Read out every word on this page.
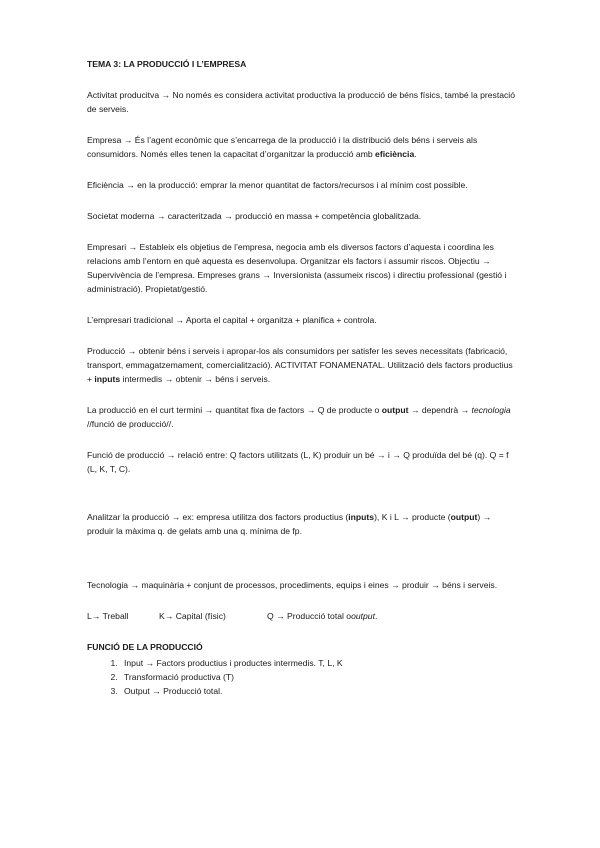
TEMA 3: LA PRODUCCIÓ I L’EMPRESA

Activitat producitva → No només es considera activitat productiva la producció de béns físics, també la prestació de serveis.

Empresa → És l’agent econòmic que s’encarrega de la producció i la distribució dels béns i serveis als consumidors. Només elles tenen la capacitat d’organitzar la producció amb eficiència.

Eficiència → en la producció: emprar la menor quantitat de factors/recursos i al mínim cost possible.

Societat moderna → caracteritzada → producció en massa + competència globalitzada.

Empresari → Estableix els objetius de l’empresa, negocia amb els diversos factors d’aquesta i coordina les relacions amb l’entorn en què aquesta es desenvolupa. Organitzar els factors i assumir riscos. Objectiu → Supervivència de l’empresa. Empreses grans → Inversionista (assumeix riscos) i directiu professional (gestió i administració). Propietat/gestió.

L’empresari tradicional → Aporta el capital + organitza + planifica + controla.

Producció → obtenir béns i serveis i apropar-los als consumidors per satisfer les seves necessitats (fabricació, transport, emmagatzemament, comercialització). ACTIVITAT FONAMENATAL. Utilització dels factors productius + inputs intermedis → obtenir → béns i serveis.

La producció en el curt termini → quantitat fixa de factors → Q de producte o output → dependrà → tecnologia //funció de producció//.

Funció de producció → relació entre: Q factors utilitzats (L, K) produir un bé → i → Q produïda del bé (q). Q = f (L, K, T, C).

Analitzar la producció → ex: empresa utilitza dos factors productius (inputs), K i L → producte (output) → produir la màxima q. de gelats amb una q. mínima de fp.

Tecnologia → maquinària + conjunt de processos, procediments, equips i eines → produir → béns i serveis.

L→ Treball	K→ Capital (físic)	Q → Producció total ooutput.
FUNCIÓ DE LA PRODUCCIÓ
1. Input → Factors productius i productes intermedis. T, L, K
2. Transformació productiva (T)
3. Output → Producció total.
